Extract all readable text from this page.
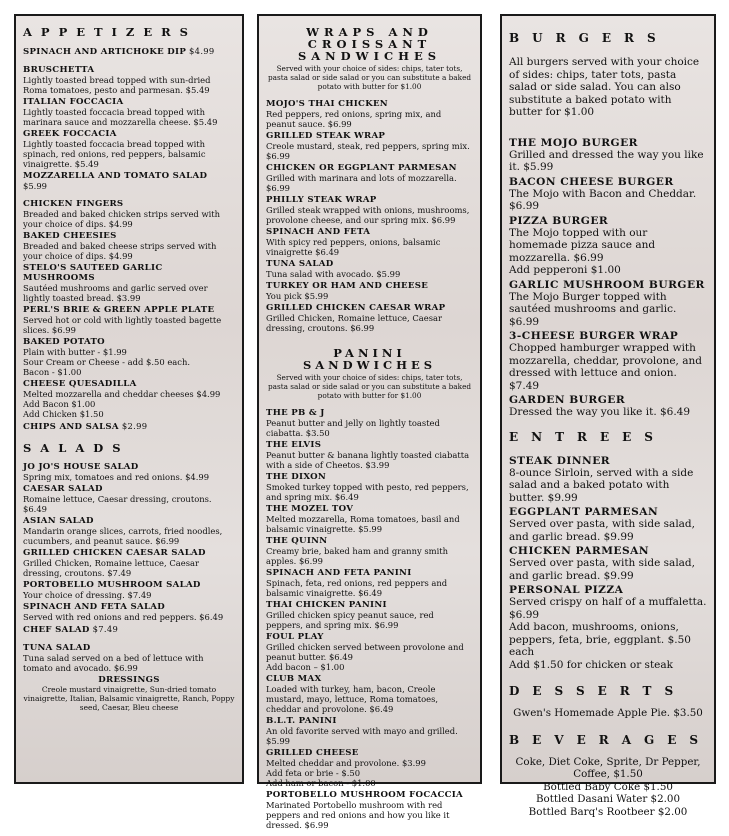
APPETIZERS
SPINACH AND ARTICHOKE DIP $4.99
BRUSCHETTA
Lightly toasted bread topped with sun-dried Roma tomatoes, pesto and parmesan. $5.49
ITALIAN FOCCACIA
Lightly toasted foccacia bread topped with marinara sauce and mozzarella cheese. $5.49
GREEK FOCCACIA
Lightly toasted foccacia bread topped with spinach, red onions, red peppers, balsamic vinaigrette. $5.49
MOZZARELLA AND TOMATO SALAD
$5.99
CHICKEN FINGERS
Breaded and baked chicken strips served with your choice of dips. $4.99
BAKED CHEESIES
Breaded and baked cheese strips served with your choice of dips. $4.99
STELO'S SAUTEED GARLIC MUSHROOMS
Sautéed mushrooms and garlic served over lightly toasted bread. $3.99
PERL'S BRIE & GREEN APPLE PLATE
Served hot or cold with lightly toasted bagette slices. $6.99
BAKED POTATO
Plain with butter - $1.99
Sour Cream or Cheese - add $.50 each.
Bacon - $1.00
CHEESE QUESADILLA
Melted mozzarella and cheddar cheeses $4.99
Add Bacon $1.00
Add Chicken $1.50
CHIPS AND SALSA $2.99
SALADS
JO JO'S HOUSE SALAD
Spring mix, tomatoes and red onions. $4.99
CAESAR SALAD
Romaine lettuce, Caesar dressing, croutons. $6.49
ASIAN SALAD
Mandarin orange slices, carrots, fried noodles, cucumbers, and peanut sauce. $6.99
GRILLED CHICKEN CAESAR SALAD
Grilled Chicken, Romaine lettuce, Caesar dressing, croutons. $7.49
PORTOBELLO MUSHROOM SALAD
Your choice of dressing. $7.49
SPINACH AND FETA SALAD
Served with red onions and red peppers. $6.49
CHEF SALAD $7.49
TUNA SALAD
Tuna salad served on a bed of lettuce with tomato and avocado. $6.99
DRESSINGS
Creole mustard vinaigrette, Sun-dried tomato vinaigrette, Italian, Balsamic vinaigrette, Ranch, Poppy seed, Caesar, Bleu cheese
WRAPS AND CROISSANT SANDWICHES
Served with your choice of sides: chips, tater tots, pasta salad or side salad or you can substitute a baked potato with butter for $1.00
MOJO'S THAI CHICKEN
Red peppers, red onions, spring mix, and peanut sauce. $6.99
GRILLED STEAK WRAP
Creole mustard, steak, red peppers, spring mix. $6.99
CHICKEN OR EGGPLANT PARMESAN
Grilled with marinara and lots of mozzarella. $6.99
PHILLY STEAK WRAP
Grilled steak wrapped with onions, mushrooms, provolone cheese, and our spring mix. $6.99
SPINACH AND FETA
With spicy red peppers, onions, balsamic vinaigrette $6.49
TUNA SALAD
Tuna salad with avocado. $5.99
TURKEY OR HAM AND CHEESE
You pick $5.99
GRILLED CHICKEN CAESAR WRAP
Grilled Chicken, Romaine lettuce, Caesar dressing, croutons. $6.99
PANINI SANDWICHES
Served with your choice of sides: chips, tater tots, pasta salad or side salad or you can substitute a baked potato with butter for $1.00
THE PB & J
Peanut butter and jelly on lightly toasted ciabatta. $3.50
THE ELVIS
Peanut butter & banana lightly toasted ciabatta with a side of Cheetos. $3.99
THE DIXON
Smoked turkey topped with pesto, red peppers, and spring mix. $6.49
THE MOZEL TOV
Melted mozzarella, Roma tomatoes, basil and balsamic vinaigrette. $5.99
THE QUINN
Creamy brie, baked ham and granny smith apples. $6.99
SPINACH AND FETA PANINI
Spinach, feta, red onions, red peppers and balsamic vinaigrette. $6.49
THAI CHICKEN PANINI
Grilled chicken spicy peanut sauce, red peppers, and spring mix. $6.99
FOUL PLAY
Grilled chicken served between provolone and peanut butter. $6.49
Add bacon – $1.00
CLUB MAX
Loaded with turkey, ham, bacon, Creole mustard, mayo, lettuce, Roma tomatoes, cheddar and provolone. $6.49
B.L.T. PANINI
An old favorite served with mayo and grilled. $5.99
GRILLED CHEESE
Melted cheddar and provolone. $3.99
Add feta or brie - $.50
Add ham or bacon - $1.00
PORTOBELLO MUSHROOM FOCACCIA
Marinated Portobello mushroom with red peppers and red onions and how you like it dressed. $6.99
BURGERS
All burgers served with your choice of sides: chips, tater tots, pasta salad or side salad. You can also substitute a baked potato with butter for $1.00
THE MOJO BURGER
Grilled and dressed the way you like it. $5.99
BACON CHEESE BURGER
The Mojo with Bacon and Cheddar. $6.99
PIZZA BURGER
The Mojo topped with our homemade pizza sauce and mozzarella. $6.99
Add pepperoni $1.00
GARLIC MUSHROOM BURGER
The Mojo Burger topped with sautéed mushrooms and garlic. $6.99
3-CHEESE BURGER WRAP
Chopped hamburger wrapped with mozzarella, cheddar, provolone, and dressed with lettuce and onion. $7.49
GARDEN BURGER
Dressed the way you like it. $6.49
ENTREES
STEAK DINNER
8-ounce Sirloin, served with a side salad and a baked potato with butter. $9.99
EGGPLANT PARMESAN
Served over pasta, with side salad, and garlic bread. $9.99
CHICKEN PARMESAN
Served over pasta, with side salad, and garlic bread. $9.99
PERSONAL PIZZA
Served crispy on half of a muffaletta. $6.99
Add bacon, mushrooms, onions, peppers, feta, brie, eggplant. $.50 each
Add $1.50 for chicken or steak
DESSERTS
Gwen's Homemade Apple Pie. $3.50
BEVERAGES
Coke, Diet Coke, Sprite, Dr Pepper, Coffee, $1.50
Bottled Baby Coke $1.50
Bottled Dasani Water $2.00
Bottled Barq's Rootbeer $2.00
